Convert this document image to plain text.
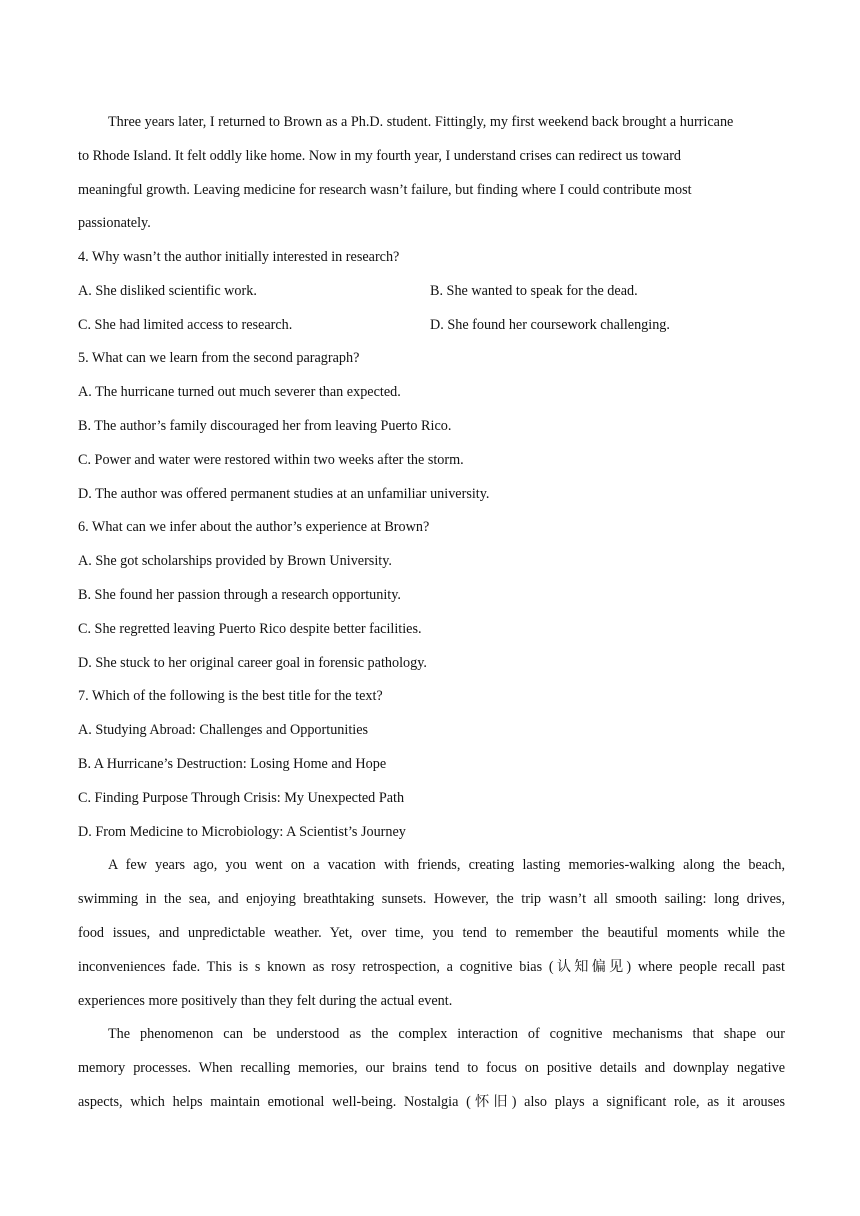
Three years later, I returned to Brown as a Ph.D. student. Fittingly, my first weekend back brought a hurricane

to Rhode Island. It felt oddly like home. Now in my fourth year, I understand crises can redirect us toward

meaningful growth. Leaving medicine for research wasn’t failure, but finding where I could contribute most

passionately.

4. Why wasn’t the author initially interested in research?

A. She disliked scientific work.	B. She wanted to speak for the dead.

C. She had limited access to research.	D. She found her coursework challenging.

5. What can we learn from the second paragraph?

A. The hurricane turned out much severer than expected.

B. The author’s family discouraged her from leaving Puerto Rico.

C. Power and water were restored within two weeks after the storm.

D. The author was offered permanent studies at an unfamiliar university.

6. What can we infer about the author’s experience at Brown?

A. She got scholarships provided by Brown University.

B. She found her passion through a research opportunity.

C. She regretted leaving Puerto Rico despite better facilities.

D. She stuck to her original career goal in forensic pathology.

7. Which of the following is the best title for the text?

A. Studying Abroad: Challenges and Opportunities

B. A Hurricane’s Destruction: Losing Home and Hope

C. Finding Purpose Through Crisis: My Unexpected Path

D. From Medicine to Microbiology: A Scientist’s Journey

A few years ago, you went on a vacation with friends, creating lasting memories-walking along the beach,

swimming in the sea, and enjoying breathtaking sunsets. However, the trip wasn’t all smooth sailing: long drives,

food issues, and unpredictable weather. Yet, over time, you tend to remember the beautiful moments while the

inconveniences fade. This is s known as rosy retrospection, a cognitive bias (认知偏见) where people recall past

experiences more positively than they felt during the actual event.

The phenomenon can be understood as the complex interaction of cognitive mechanisms that shape our

memory processes. When recalling memories, our brains tend to focus on positive details and downplay negative

aspects, which helps maintain emotional well-being. Nostalgia (怀旧) also plays a significant role, as it arouses
